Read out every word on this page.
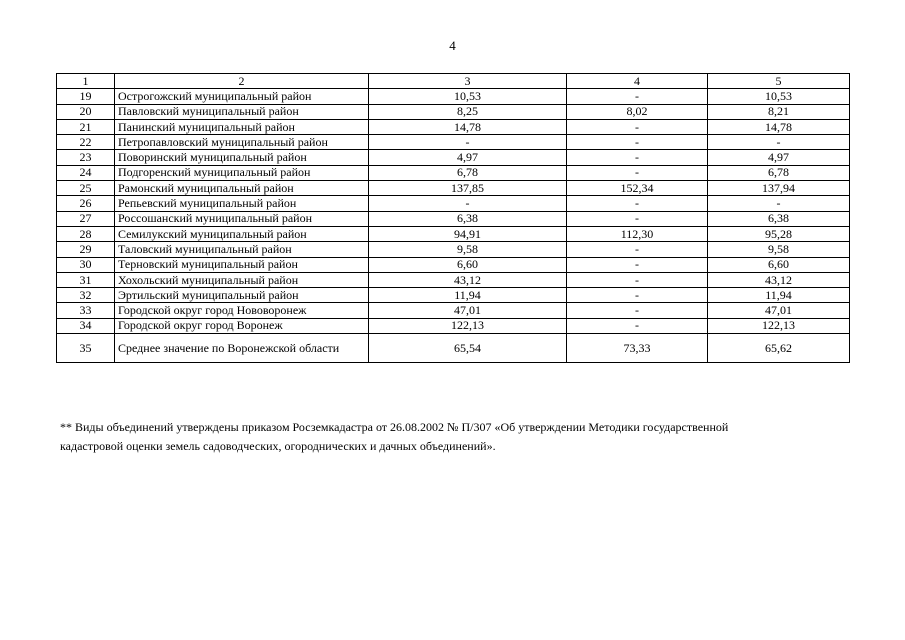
4
1	2	3	4	5
19	Острогожский муниципальный район	10,53	-	10,53
20	Павловский муниципальный район	8,25	8,02	8,21
21	Панинский муниципальный район	14,78	-	14,78
22	Петропавловский муниципальный район	-	-	-
23	Поворинский муниципальный район	4,97	-	4,97
24	Подгоренский муниципальный район	6,78	-	6,78
25	Рамонский муниципальный район	137,85	152,34	137,94
26	Репьевский муниципальный район	-	-	-
27	Россошанский муниципальный район	6,38	-	6,38
28	Семилукский муниципальный район	94,91	112,30	95,28
29	Таловский муниципальный район	9,58	-	9,58
30	Терновский муниципальный район	6,60	-	6,60
31	Хохольский муниципальный район	43,12	-	43,12
32	Эртильский муниципальный район	11,94	-	11,94
33	Городской округ город Нововоронеж	47,01	-	47,01
34	Городской округ город Воронеж	122,13	-	122,13
35	Среднее значение по Воронежской области	65,54	73,33	65,62

** Виды объединений утверждены приказом Росземкадастра от 26.08.2002 № П/307 «Об утверждении Методики государственной

кадастровой оценки земель садоводческих, огороднических и дачных объединений».
